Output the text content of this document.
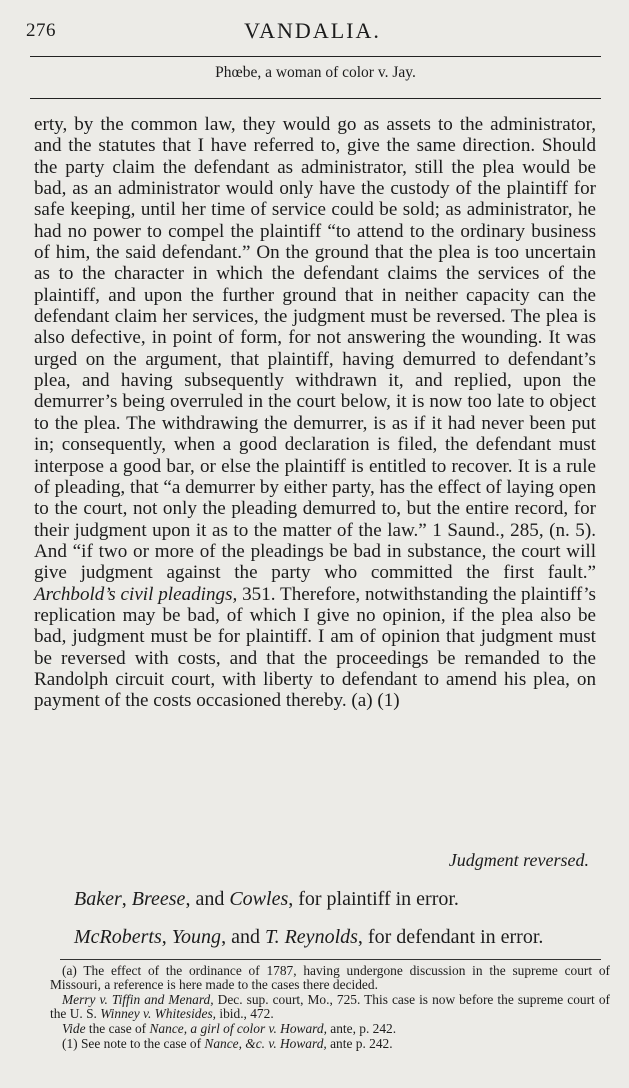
276	VANDALIA.
Phœbe, a woman of color v. Jay.

erty, by the common law, they would go as assets to the administrator, and the statutes that I have referred to, give the same direction. Should the party claim the defendant as administrator, still the plea would be bad, as an administrator would only have the custody of the plaintiff for safe keeping, until her time of service could be sold; as administrator, he had no power to compel the plaintiff “to attend to the ordinary business of him, the said defendant.” On the ground that the plea is too uncertain as to the character in which the defendant claims the services of the plaintiff, and upon the further ground that in neither capacity can the defendant claim her services, the judgment must be reversed. The plea is also defective, in point of form, for not answering the wounding. It was urged on the argument, that plaintiff, having demurred to defendant’s plea, and having subsequently withdrawn it, and replied, upon the demurrer’s being overruled in the court below, it is now too late to object to the plea. The withdrawing the demurrer, is as if it had never been put in; consequently, when a good declaration is filed, the defendant must interpose a good bar, or else the plaintiff is entitled to recover. It is a rule of pleading, that “a demurrer by either party, has the effect of laying open to the court, not only the pleading demurred to, but the entire record, for their judgment upon it as to the matter of the law.” 1 Saund., 285, (n. 5). And “if two or more of the pleadings be bad in substance, the court will give judgment against the party who committed the first fault.” Archbold’s civil pleadings, 351. Therefore, notwithstanding the plaintiff’s replication may be bad, of which I give no opinion, if the plea also be bad, judgment must be for plaintiff. I am of opinion that judgment must be reversed with costs, and that the proceedings be remanded to the Randolph circuit court, with liberty to defendant to amend his plea, on payment of the costs occasioned thereby. (a) (1)

Judgment reversed.
Baker, Breese, and Cowles, for plaintiff in error.
McRoberts, Young, and T. Reynolds, for defendant in error.

(a) The effect of the ordinance of 1787, having undergone discussion in the supreme court of Missouri, a reference is here made to the cases there decided.

Merry v. Tiffin and Menard, Dec. sup. court, Mo., 725. This case is now before the supreme court of the U. S. Winney v. Whitesides, ibid., 472.

Vide the case of Nance, a girl of color v. Howard, ante, p. 242.

(1) See note to the case of Nance, &c. v. Howard, ante p. 242.
